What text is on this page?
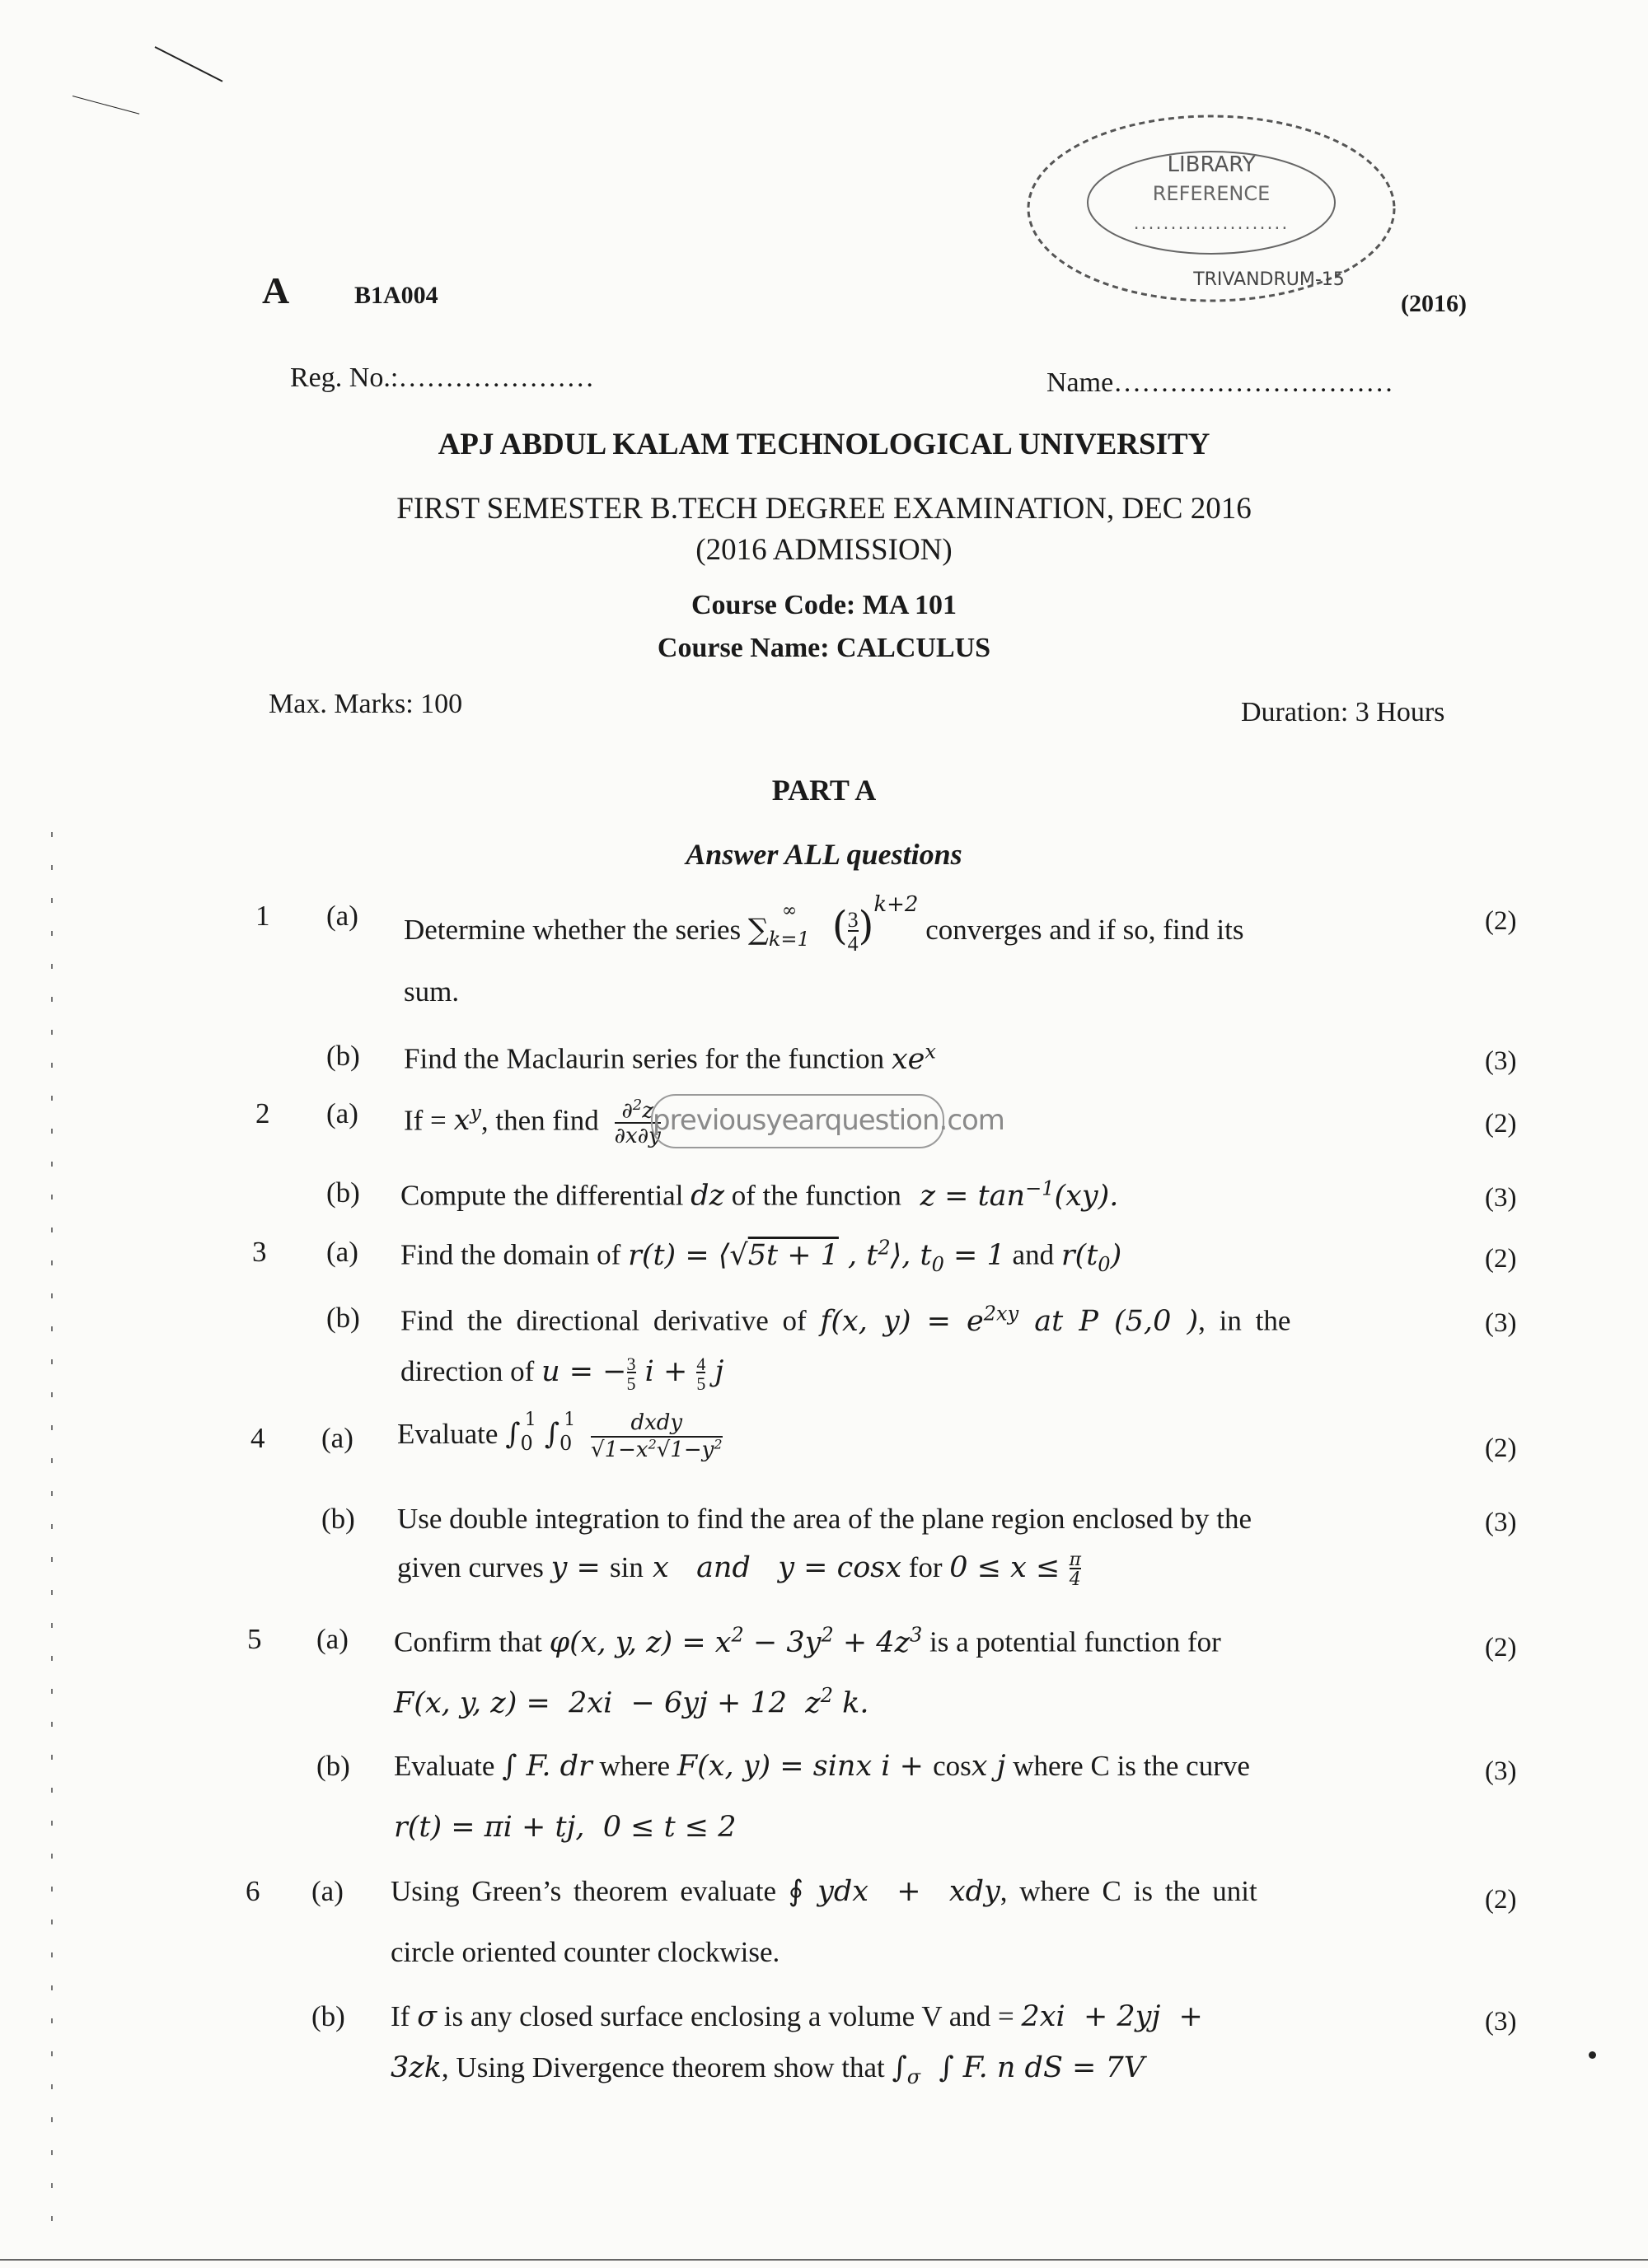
LIBRARY
REFERENCE
.....................
TRIVANDRUM-15
A	B1A004	(2016)
Reg. No.:…………………	Name…………………………
APJ ABDUL KALAM TECHNOLOGICAL UNIVERSITY
FIRST SEMESTER B.TECH DEGREE EXAMINATION, DEC 2016
(2016 ADMISSION)
Course Code: MA 101
Course Name: CALCULUS
Max. Marks: 100	Duration: 3 Hours
PART A
Answer ALL questions
1 (a) Determine whether the series $\sum_{k=1}^\infty$ (3
4)$^{k+2}$ converges and if so, find its	(2)
sum.
(b) Find the Maclaurin series for the function $xe^x$	(3)
2 (a) $If = x^y$, then find ∂$^2$z
∂x∂y
previousyearquestion.com	(2)
(b) Compute the differential dz of the function $z = \tan^{-1}(xy)$.	(3)
3 (a) Find the domain of r(t) = ⟨√5t + 1 , $t^2⟩$, $t_0 = 1$ and $r(t_0)$	(2)
(b) Find the directional derivative of f(x, $y) = e^{2xy}$ at P (5,0 ), in the	(3)
direction of u = −3
5 i + 4
5 j
4 (a) Evaluate $\int_0^1$ $\int_0^1$	dxdy
$√1-x^2√1-y^2$	(2)
(b) Use double integration to find the area of the plane region enclosed by the	(3)
given curves y = sin x   and   y = cosx for 0 ≤ x ≤ π
4
5 (a) Confirm that φ(x, y, $z) = x^2 - 3y^2 + 4z^3$ is a potential function for	(2)
F(x, y, z) =  2xi  − 6yj + 12  $z^2$ k.
(b) Evaluate ∫ F. dr where F(x, y) = sinx i + cosx j where C is the curve	(3)
r(t) = πi + tj,  0 ≤ t ≤ 2
6 (a) Using Green’s theorem evaluate ∮ ydx  +  xdy, where C is the unit	(2)
circle oriented counter clockwise.
(b) If σ is any closed surface enclosing a volume V and = 2xi  + 2yj  +	(3)
3zk, Using Divergence theorem show that $\int_\sigma$  ∫ F. n dS = 7V
